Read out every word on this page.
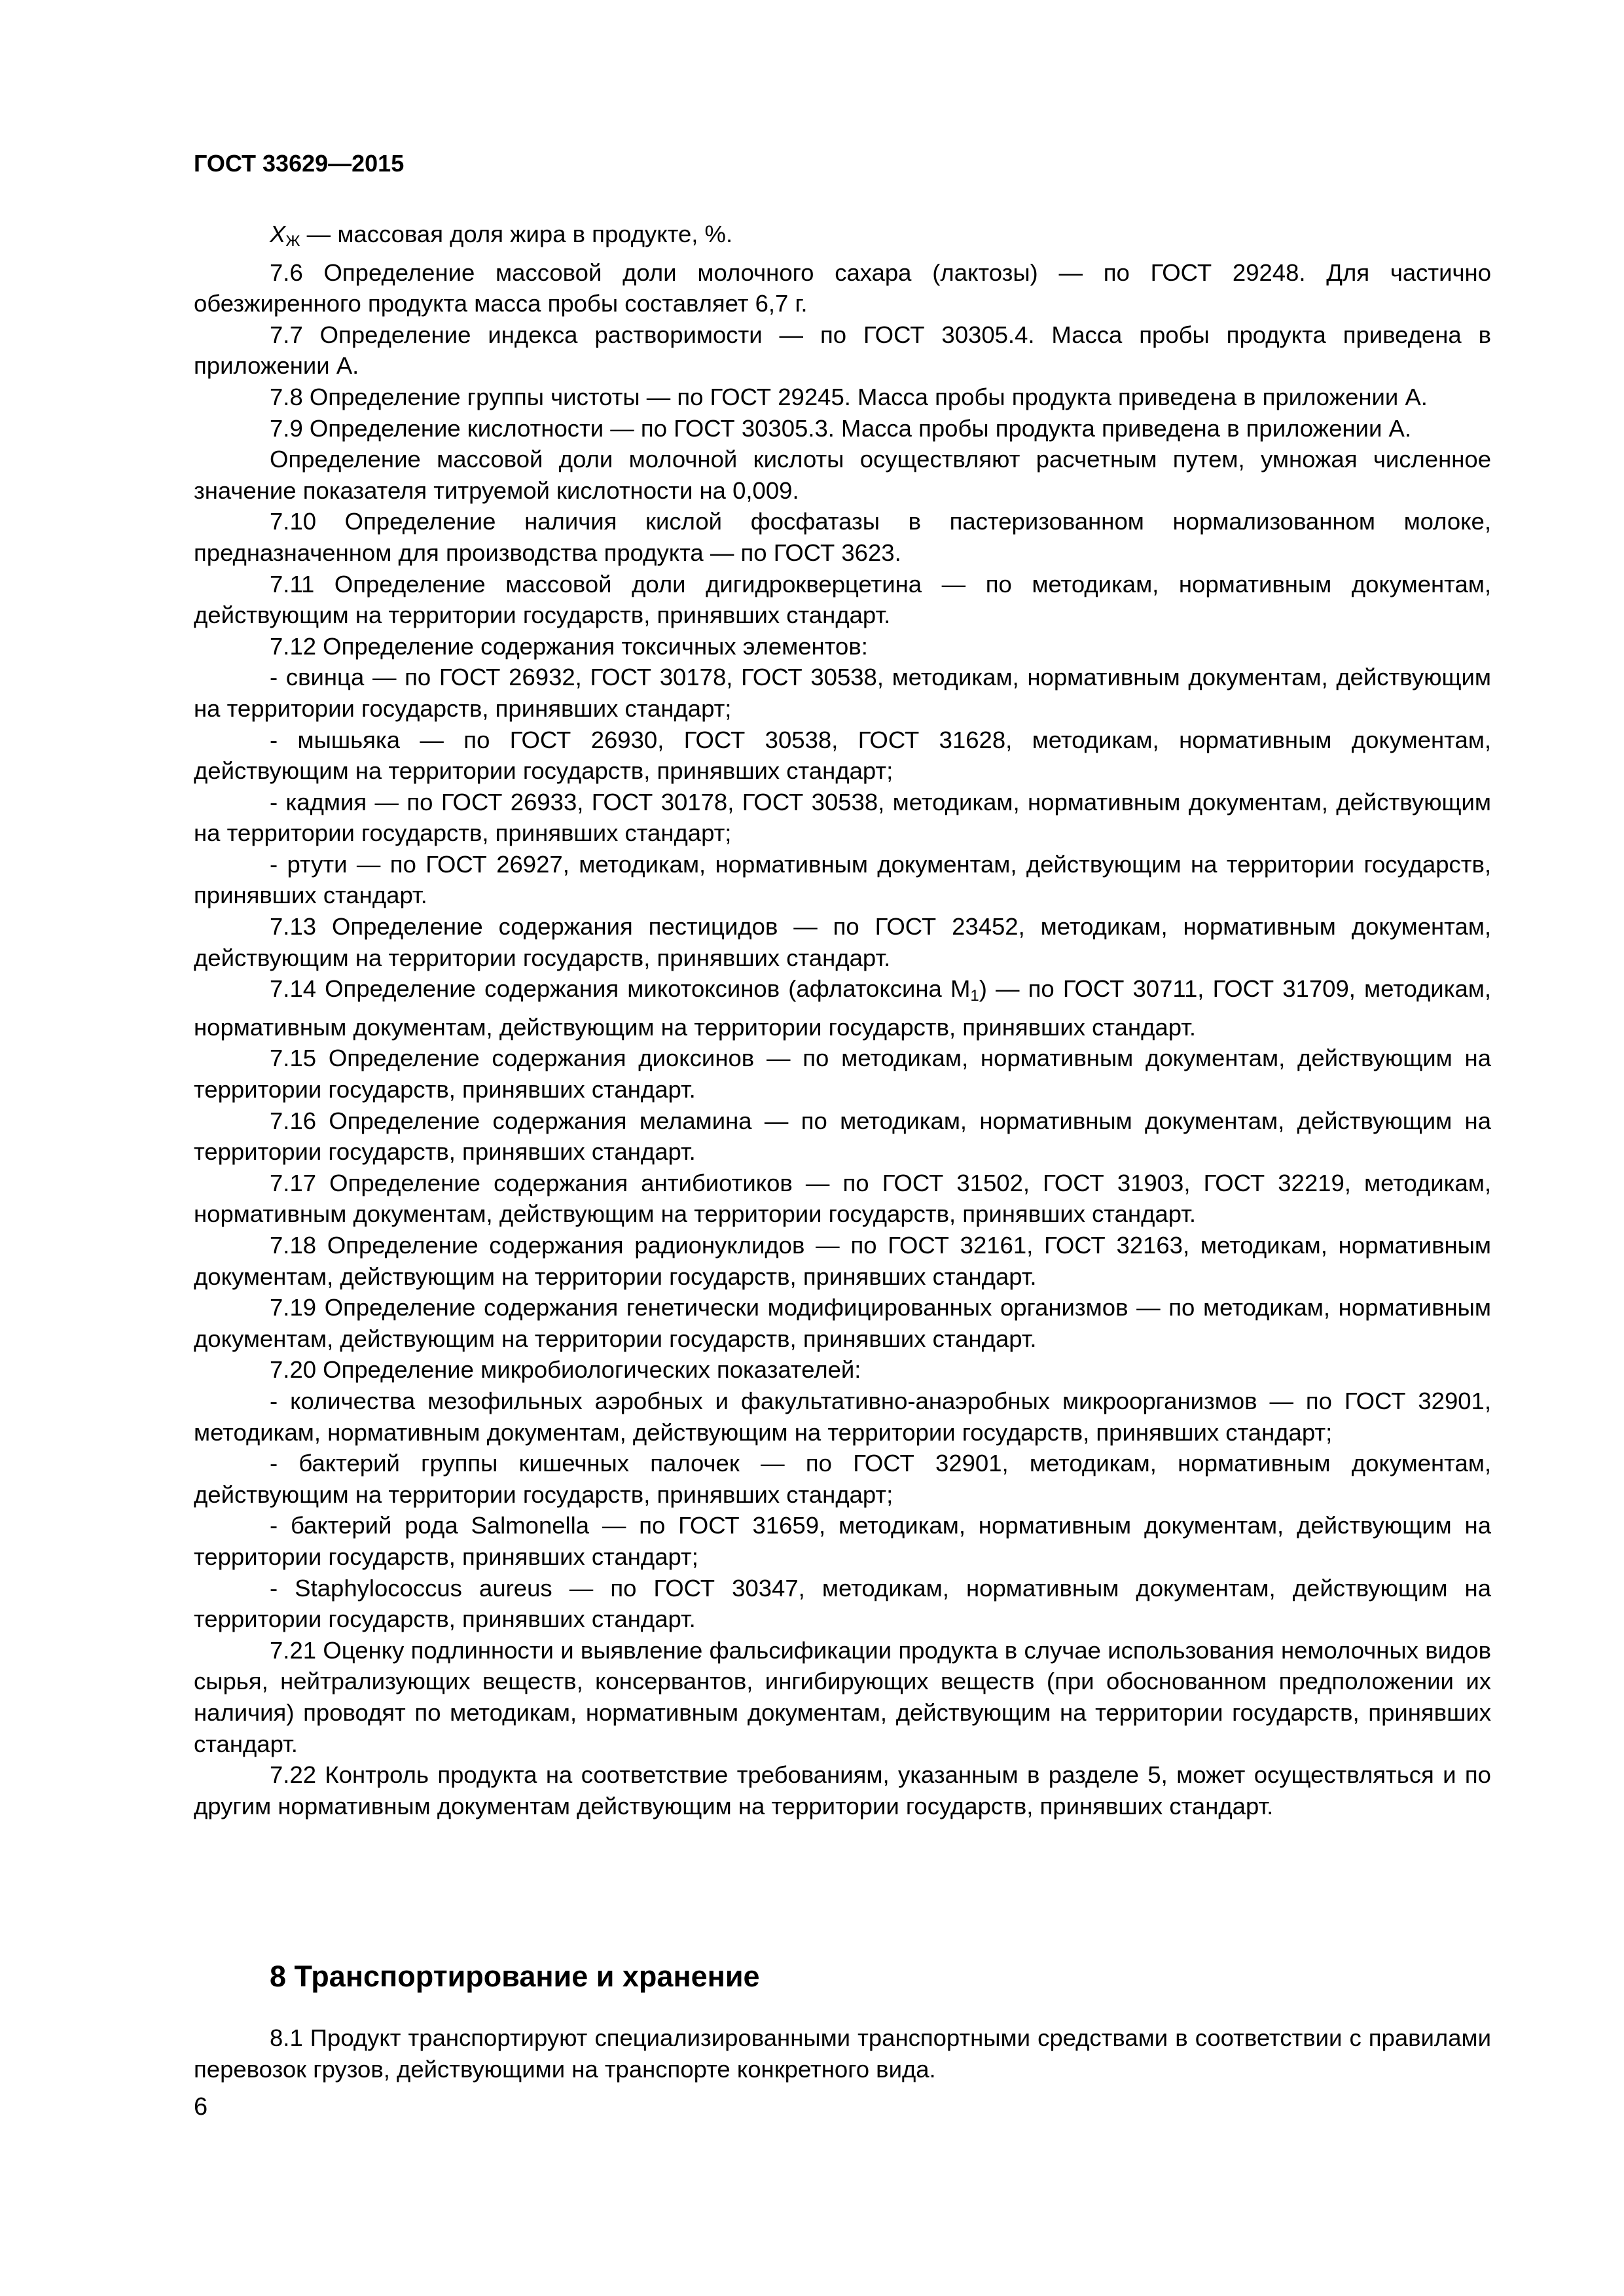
ГОСТ 33629—2015

$X_Ж$ — массовая доля жира в продукте, %.

7.6 Определение массовой доли молочного сахара (лактозы) — по ГОСТ 29248. Для частично обезжиренного продукта масса пробы составляет 6,7 г.

7.7 Определение индекса растворимости — по ГОСТ 30305.4. Масса пробы продукта приведена в приложении А.

7.8 Определение группы чистоты — по ГОСТ 29245. Масса пробы продукта приведена в приложении А.

7.9 Определение кислотности — по ГОСТ 30305.3. Масса пробы продукта приведена в приложении А.

Определение массовой доли молочной кислоты осуществляют расчетным путем, умножая численное значение показателя титруемой кислотности на 0,009.

7.10 Определение наличия кислой фосфатазы в пастеризованном нормализованном молоке, предназначенном для производства продукта — по ГОСТ 3623.

7.11 Определение массовой доли дигидрокверцетина — по методикам, нормативным документам, действующим на территории государств, принявших стандарт.

7.12 Определение содержания токсичных элементов:

- свинца — по ГОСТ 26932, ГОСТ 30178, ГОСТ 30538, методикам, нормативным документам, действующим на территории государств, принявших стандарт;

- мышьяка — по ГОСТ 26930, ГОСТ 30538, ГОСТ 31628, методикам, нормативным документам, действующим на территории государств, принявших стандарт;

- кадмия — по ГОСТ 26933, ГОСТ 30178, ГОСТ 30538, методикам, нормативным документам, действующим на территории государств, принявших стандарт;

- ртути — по ГОСТ 26927, методикам, нормативным документам, действующим на территории государств, принявших стандарт.

7.13 Определение содержания пестицидов — по ГОСТ 23452, методикам, нормативным документам, действующим на территории государств, принявших стандарт.

7.14 Определение содержания микотоксинов (афлатоксина M1) — по ГОСТ 30711, ГОСТ 31709, методикам, нормативным документам, действующим на территории государств, принявших стандарт.

7.15 Определение содержания диоксинов — по методикам, нормативным документам, действующим на территории государств, принявших стандарт.

7.16 Определение содержания меламина — по методикам, нормативным документам, действующим на территории государств, принявших стандарт.

7.17 Определение содержания антибиотиков — по ГОСТ 31502, ГОСТ 31903, ГОСТ 32219, методикам, нормативным документам, действующим на территории государств, принявших стандарт.

7.18 Определение содержания радионуклидов — по ГОСТ 32161, ГОСТ 32163, методикам, нормативным документам, действующим на территории государств, принявших стандарт.

7.19 Определение содержания генетически модифицированных организмов — по методикам, нормативным документам, действующим на территории государств, принявших стандарт.

7.20 Определение микробиологических показателей:

- количества мезофильных аэробных и факультативно-анаэробных микроорганизмов — по ГОСТ 32901, методикам, нормативным документам, действующим на территории государств, принявших стандарт;

- бактерий группы кишечных палочек — по ГОСТ 32901, методикам, нормативным документам, действующим на территории государств, принявших стандарт;

- бактерий рода Salmonella — по ГОСТ 31659, методикам, нормативным документам, действующим на территории государств, принявших стандарт;

- Staphylococcus aureus — по ГОСТ 30347, методикам, нормативным документам, действующим на территории государств, принявших стандарт.

7.21 Оценку подлинности и выявление фальсификации продукта в случае использования немолочных видов сырья, нейтрализующих веществ, консервантов, ингибирующих веществ (при обоснованном предположении их наличия) проводят по методикам, нормативным документам, действующим на территории государств, принявших стандарт.

7.22 Контроль продукта на соответствие требованиям, указанным в разделе 5, может осуществляться и по другим нормативным документам действующим на территории государств, принявших стандарт.

8 Транспортирование и хранение

8.1 Продукт транспортируют специализированными транспортными средствами в соответствии с правилами перевозок грузов, действующими на транспорте конкретного вида.

6
